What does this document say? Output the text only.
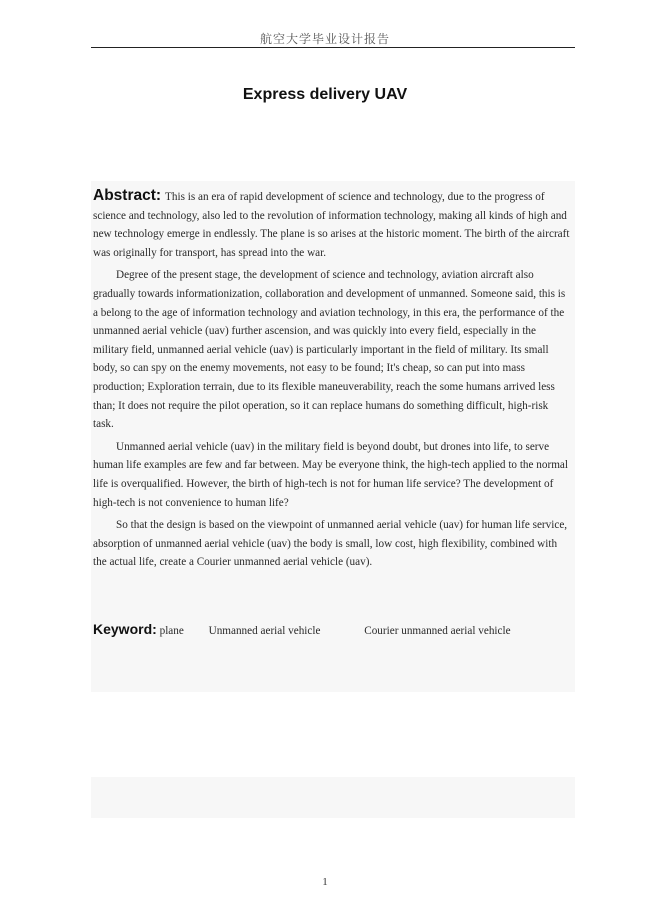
航空大学毕业设计报告
Express delivery UAV

Abstract: This is an era of rapid development of science and technology, due to the progress of science and technology, also led to the revolution of information technology, making all kinds of high and new technology emerge in endlessly. The plane is so arises at the historic moment. The birth of the aircraft was originally for transport, has spread into the war.

Degree of the present stage, the development of science and technology, aviation aircraft also gradually towards informationization, collaboration and development of unmanned. Someone said, this is a belong to the age of information technology and aviation technology, in this era, the performance of the unmanned aerial vehicle (uav) further ascension, and was quickly into every field, especially in the military field, unmanned aerial vehicle (uav) is particularly important in the field of military. Its small body, so can spy on the enemy movements, not easy to be found; It's cheap, so can put into mass production; Exploration terrain, due to its flexible maneuverability, reach the some humans arrived less than; It does not require the pilot operation, so it can replace humans do something difficult, high-risk task.

Unmanned aerial vehicle (uav) in the military field is beyond doubt, but drones into life, to serve human life examples are few and far between. May be everyone think, the high-tech applied to the normal life is overqualified. However, the birth of high-tech is not for human life service? The development of high-tech is not convenience to human life?

So that the design is based on the viewpoint of unmanned aerial vehicle (uav) for human life service, absorption of unmanned aerial vehicle (uav) the body is small, low cost, high flexibility, combined with the actual life, create a Courier unmanned aerial vehicle (uav).

Keyword: plane Unmanned aerial vehicle	Courier unmanned aerial vehicle
1
